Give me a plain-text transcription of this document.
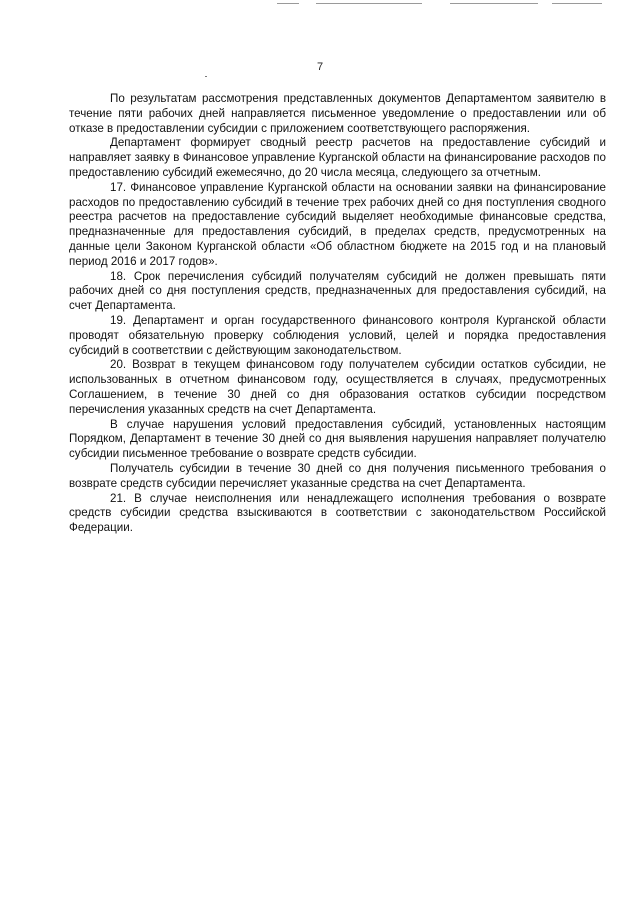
7

По результатам рассмотрения представленных документов Департаментом заявителю в течение пяти рабочих дней направляется письменное уведомление о предоставлении или об отказе в предоставлении субсидии с приложением соответствующего распоряжения.

Департамент формирует сводный реестр расчетов на предоставление субсидий и направляет заявку в Финансовое управление Курганской области на финансирование расходов по предоставлению субсидий ежемесячно, до 20 числа месяца, следующего за отчетным.

17. Финансовое управление Курганской области на основании заявки на финансирование расходов по предоставлению субсидий в течение трех рабочих дней со дня поступления сводного реестра расчетов на предоставление субсидий выделяет необходимые финансовые средства, предназначенные для предоставления субсидий, в пределах средств, предусмотренных на данные цели Законом Курганской области «Об областном бюджете на 2015 год и на плановый период 2016 и 2017 годов».

18. Срок перечисления субсидий получателям субсидий не должен превышать пяти рабочих дней со дня поступления средств, предназначенных для предоставления субсидий, на счет Департамента.

19. Департамент и орган государственного финансового контроля Курганской области проводят обязательную проверку соблюдения условий, целей и порядка предоставления субсидий в соответствии с действующим законодательством.

20. Возврат в текущем финансовом году получателем субсидии остатков субсидии, не использованных в отчетном финансовом году, осуществляется в случаях, предусмотренных Соглашением, в течение 30 дней со дня образования остатков субсидии посредством перечисления указанных средств на счет Департамента.

В случае нарушения условий предоставления субсидий, установленных настоящим Порядком, Департамент в течение 30 дней со дня выявления нарушения направляет получателю субсидии письменное требование о возврате средств субсидии.

Получатель субсидии в течение 30 дней со дня получения письменного требования о возврате средств субсидии перечисляет указанные средства на счет Департамента.

21. В случае неисполнения или ненадлежащего исполнения требования о возврате средств субсидии средства взыскиваются в соответствии с законодательством Российской Федерации.
